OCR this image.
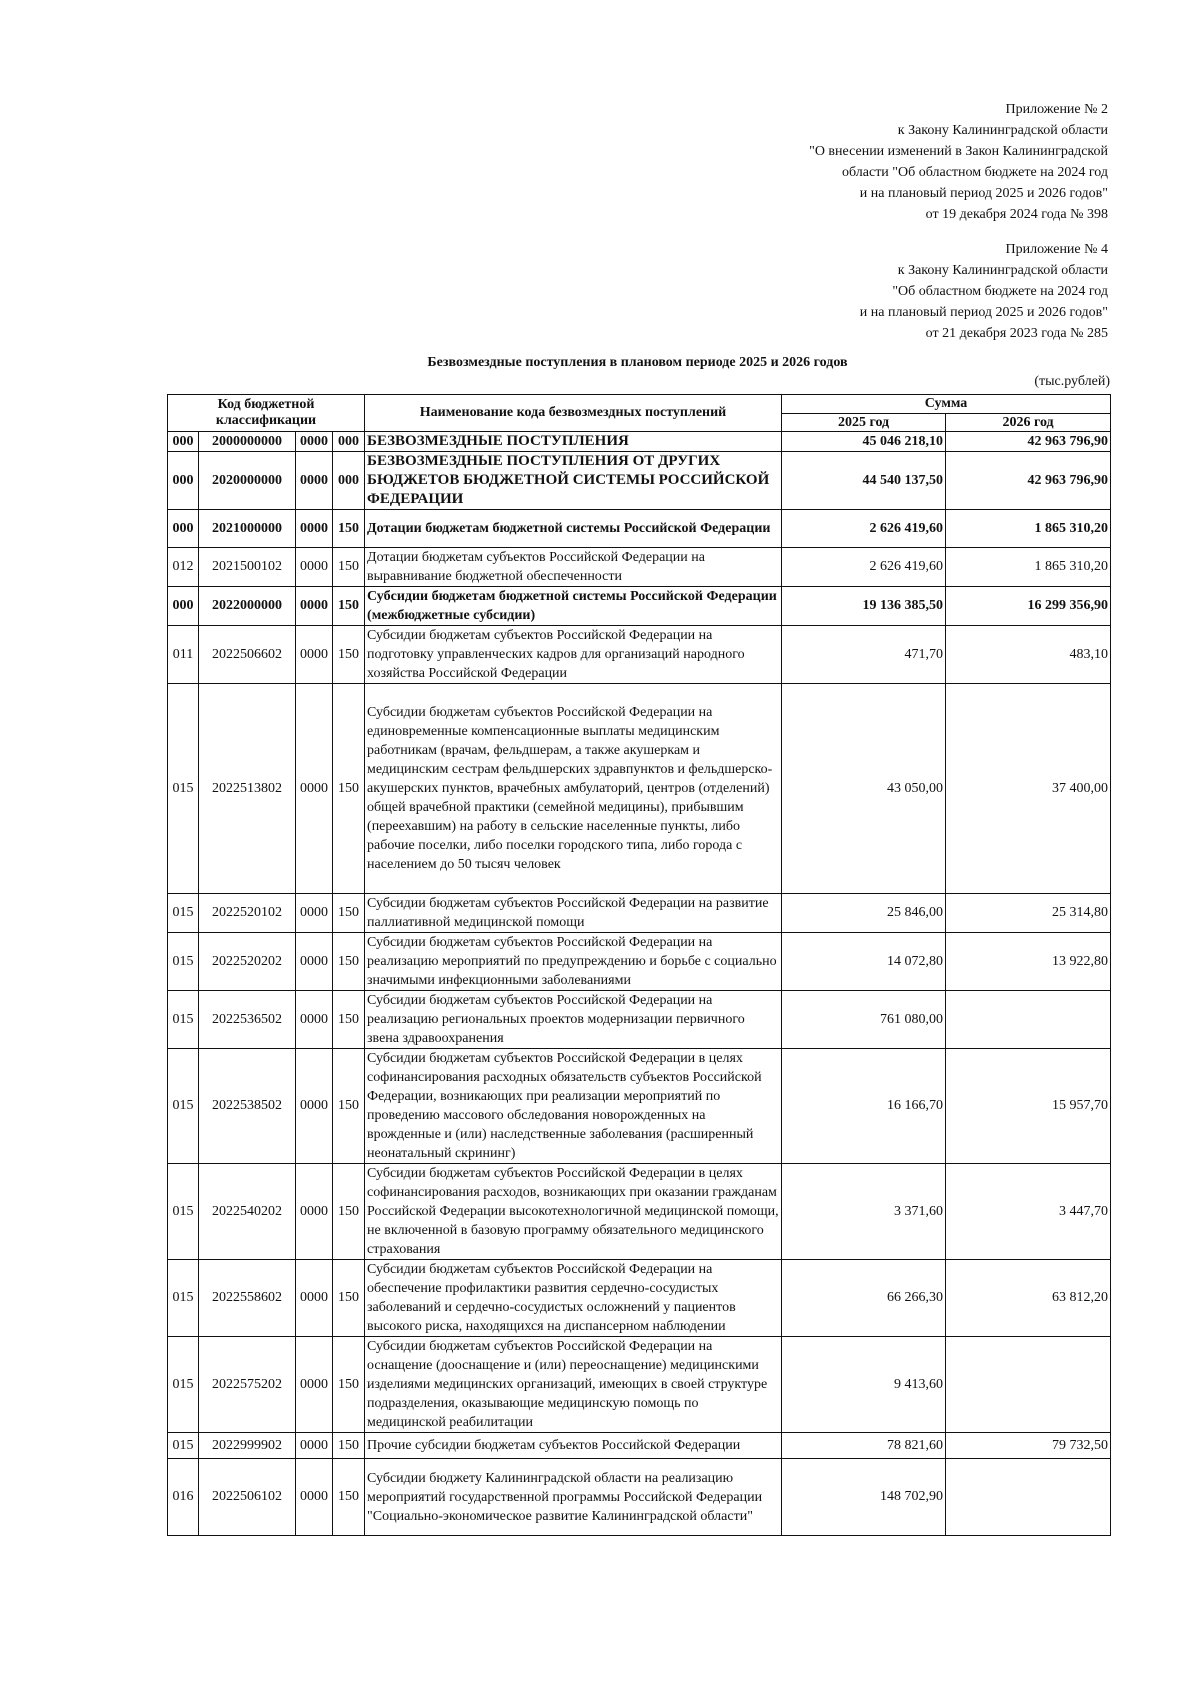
Приложение № 2
к Закону Калининградской области
"О внесении изменений в Закон Калининградской
области "Об областном бюджете на 2024 год
и на плановый период 2025 и 2026 годов"
от 19 декабря 2024 года № 398
Приложение № 4
к Закону Калининградской области
"Об областном бюджете на 2024 год
и на плановый период 2025 и 2026 годов"
от 21 декабря 2023 года № 285
Безвозмездные поступления в плановом периоде 2025 и 2026 годов
(тыс.рублей)
Код бюджетной классификации				Наименование кода безвозмездных поступлений	Сумма	
					2025 год	2026 год
000	2000000000	0000	000	БЕЗВОЗМЕЗДНЫЕ ПОСТУПЛЕНИЯ	45 046 218,10	42 963 796,90
000	2020000000	0000	000	БЕЗВОЗМЕЗДНЫЕ ПОСТУПЛЕНИЯ ОТ ДРУГИХ БЮДЖЕТОВ БЮДЖЕТНОЙ СИСТЕМЫ РОССИЙСКОЙ ФЕДЕРАЦИИ	44 540 137,50	42 963 796,90
000	2021000000	0000	150	Дотации бюджетам бюджетной системы Российской Федерации	2 626 419,60	1 865 310,20
012	2021500102	0000	150	Дотации бюджетам субъектов Российской Федерации на выравнивание бюджетной обеспеченности	2 626 419,60	1 865 310,20
000	2022000000	0000	150	Субсидии бюджетам бюджетной системы Российской Федерации (межбюджетные субсидии)	19 136 385,50	16 299 356,90
011	2022506602	0000	150	Субсидии бюджетам субъектов Российской Федерации на подготовку управленческих кадров для организаций народного хозяйства Российской Федерации	471,70	483,10
015	2022513802	0000	150	Субсидии бюджетам субъектов Российской Федерации на единовременные компенсационные выплаты медицинским работникам (врачам, фельдшерам, а также акушеркам и медицинским сестрам фельдшерских здравпунктов и фельдшерско-акушерских пунктов, врачебных амбулаторий, центров (отделений) общей врачебной практики (семейной медицины), прибывшим (переехавшим) на работу в сельские населенные пункты, либо рабочие поселки, либо поселки городского типа, либо города с населением до 50 тысяч человек	43 050,00	37 400,00
015	2022520102	0000	150	Субсидии бюджетам субъектов Российской Федерации на развитие паллиативной медицинской помощи	25 846,00	25 314,80
015	2022520202	0000	150	Субсидии бюджетам субъектов Российской Федерации на реализацию мероприятий по предупреждению и борьбе с социально значимыми инфекционными заболеваниями	14 072,80	13 922,80
015	2022536502	0000	150	Субсидии бюджетам субъектов Российской Федерации на реализацию региональных проектов модернизации первичного звена здравоохранения	761 080,00	
015	2022538502	0000	150	Субсидии бюджетам субъектов Российской Федерации в целях софинансирования расходных обязательств субъектов Российской Федерации, возникающих при реализации мероприятий по проведению массового обследования новорожденных на врожденные и (или) наследственные заболевания (расширенный неонатальный скрининг)	16 166,70	15 957,70
015	2022540202	0000	150	Субсидии бюджетам субъектов Российской Федерации в целях софинансирования расходов, возникающих при оказании гражданам Российской Федерации высокотехнологичной медицинской помощи, не включенной в базовую программу обязательного медицинского страхования	3 371,60	3 447,70
015	2022558602	0000	150	Субсидии бюджетам субъектов Российской Федерации на обеспечение профилактики развития сердечно-сосудистых заболеваний и сердечно-сосудистых осложнений у пациентов высокого риска, находящихся на диспансерном наблюдении	66 266,30	63 812,20
015	2022575202	0000	150	Субсидии бюджетам субъектов Российской Федерации на оснащение (дооснащение и (или) переоснащение) медицинскими изделиями медицинских организаций, имеющих в своей структуре подразделения, оказывающие медицинскую помощь по медицинской реабилитации	9 413,60	
015	2022999902	0000	150	Прочие субсидии бюджетам субъектов Российской Федерации	78 821,60	79 732,50
016	2022506102	0000	150	Субсидии бюджету Калининградской области на реализацию мероприятий государственной программы Российской Федерации "Социально-экономическое развитие Калининградской области"	148 702,90	
